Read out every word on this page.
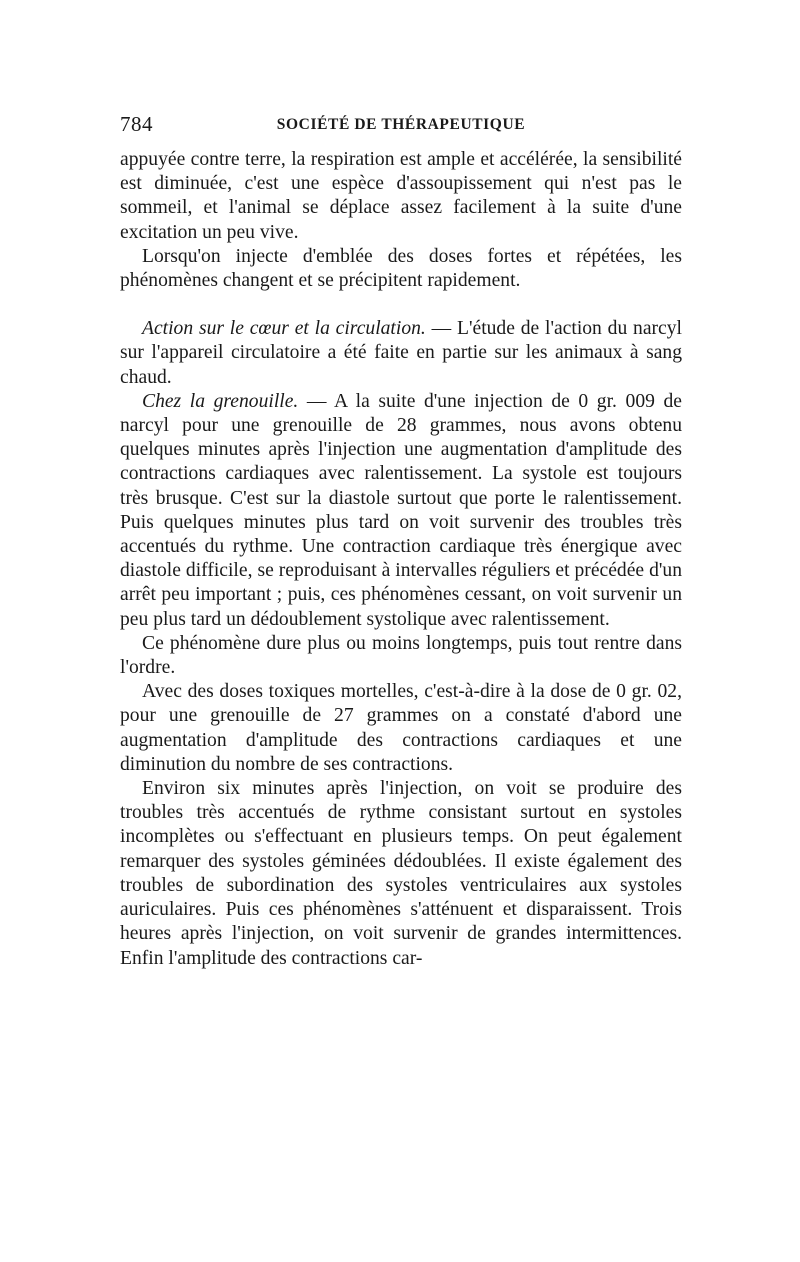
784	SOCIÉTÉ DE THÉRAPEUTIQUE

appuyée contre terre, la respiration est ample et accélérée, la sensibilité est diminuée, c'est une espèce d'assoupissement qui n'est pas le sommeil, et l'animal se déplace assez facilement à la suite d'une excitation un peu vive.

Lorsqu'on injecte d'emblée des doses fortes et répétées, les phénomènes changent et se précipitent rapidement.

Action sur le cœur et la circulation. — L'étude de l'action du narcyl sur l'appareil circulatoire a été faite en partie sur les animaux à sang chaud.

Chez la grenouille. — A la suite d'une injection de 0 gr. 009 de narcyl pour une grenouille de 28 grammes, nous avons obtenu quelques minutes après l'injection une augmentation d'amplitude des contractions cardiaques avec ralentissement. La systole est toujours très brusque. C'est sur la diastole surtout que porte le ralentissement. Puis quelques minutes plus tard on voit survenir des troubles très accentués du rythme. Une contraction cardiaque très énergique avec diastole difficile, se reproduisant à intervalles réguliers et précédée d'un arrêt peu important ; puis, ces phénomènes cessant, on voit survenir un peu plus tard un dédoublement systolique avec ralentissement.

Ce phénomène dure plus ou moins longtemps, puis tout rentre dans l'ordre.

Avec des doses toxiques mortelles, c'est-à-dire à la dose de 0 gr. 02, pour une grenouille de 27 grammes on a constaté d'abord une augmentation d'amplitude des contractions cardiaques et une diminution du nombre de ses contractions.

Environ six minutes après l'injection, on voit se produire des troubles très accentués de rythme consistant surtout en systoles incomplètes ou s'effectuant en plusieurs temps. On peut également remarquer des systoles géminées dédoublées. Il existe également des troubles de subordination des systoles ventriculaires aux systoles auriculaires. Puis ces phénomènes s'atténuent et disparaissent. Trois heures après l'injection, on voit survenir de grandes intermittences. Enfin l'amplitude des contractions car-
